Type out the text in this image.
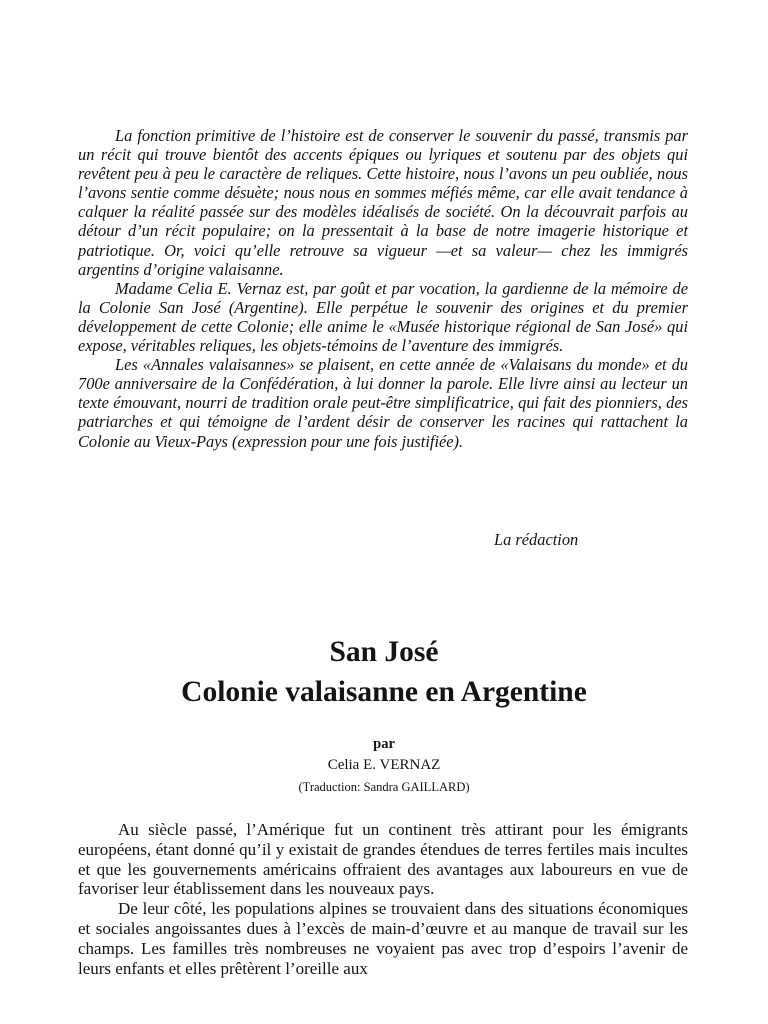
La fonction primitive de l’histoire est de conserver le souvenir du passé, transmis par un récit qui trouve bientôt des accents épiques ou lyriques et soutenu par des objets qui revêtent peu à peu le caractère de reliques. Cette histoire, nous l’avons un peu oubliée, nous l’avons sentie comme désuète; nous nous en sommes méfiés même, car elle avait tendance à calquer la réalité passée sur des modèles idéalisés de société. On la découvrait parfois au détour d’un récit populaire; on la pressentait à la base de notre imagerie historique et patriotique. Or, voici qu’elle retrouve sa vigueur —et sa valeur— chez les immigrés argentins d’origine valaisanne.

Madame Celia E. Vernaz est, par goût et par vocation, la gardienne de la mémoire de la Colonie San José (Argentine). Elle perpétue le souvenir des origines et du premier développement de cette Colonie; elle anime le «Musée historique régional de San José» qui expose, véritables reliques, les objets-témoins de l’aventure des immigrés.

Les «Annales valaisannes» se plaisent, en cette année de «Valaisans du monde» et du 700e anniversaire de la Confédération, à lui donner la parole. Elle livre ainsi au lecteur un texte émouvant, nourri de tradition orale peut-être simplificatrice, qui fait des pionniers, des patriarches et qui témoigne de l’ardent désir de conserver les racines qui rattachent la Colonie au Vieux-Pays (expression pour une fois justifiée).

La rédaction
San José
Colonie valaisanne en Argentine
par
Celia E. VERNAZ
(Traduction: Sandra GAILLARD)

Au siècle passé, l’Amérique fut un continent très attirant pour les émigrants européens, étant donné qu’il y existait de grandes étendues de terres fertiles mais incultes et que les gouvernements américains offraient des avantages aux laboureurs en vue de favoriser leur établissement dans les nouveaux pays.

De leur côté, les populations alpines se trouvaient dans des situations économiques et sociales angoissantes dues à l’excès de main-d’œuvre et au manque de travail sur les champs. Les familles très nombreuses ne voyaient pas avec trop d’espoirs l’avenir de leurs enfants et elles prêtèrent l’oreille aux
